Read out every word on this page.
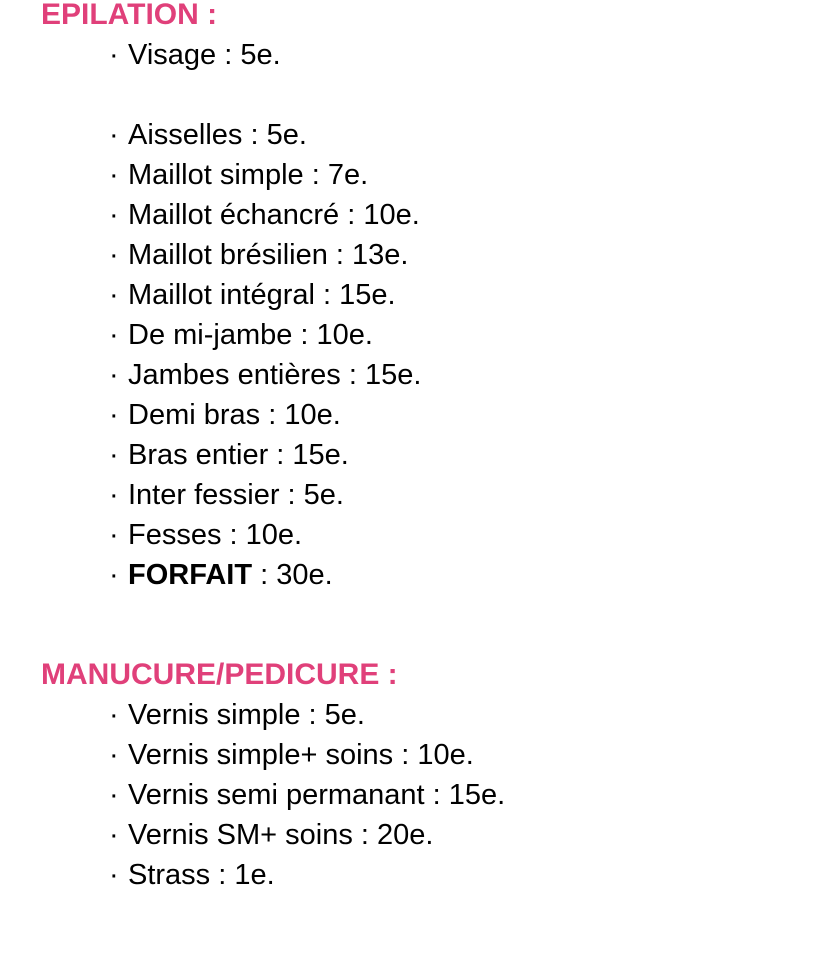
EPILATION :
· Visage : 5e.
· Aisselles : 5e.
· Maillot simple : 7e.
· Maillot échancré : 10e.
· Maillot brésilien : 13e.
· Maillot intégral : 15e.
· De mi-jambe : 10e.
· Jambes entières : 15e.
· Demi bras : 10e.
· Bras entier : 15e.
· Inter fessier : 5e.
· Fesses : 10e.
· FORFAIT : 30e.
MANUCURE/PEDICURE :
· Vernis simple : 5e.
· Vernis simple+ soins : 10e.
· Vernis semi permanant : 15e.
· Vernis SM+ soins : 20e.
· Strass : 1e.
